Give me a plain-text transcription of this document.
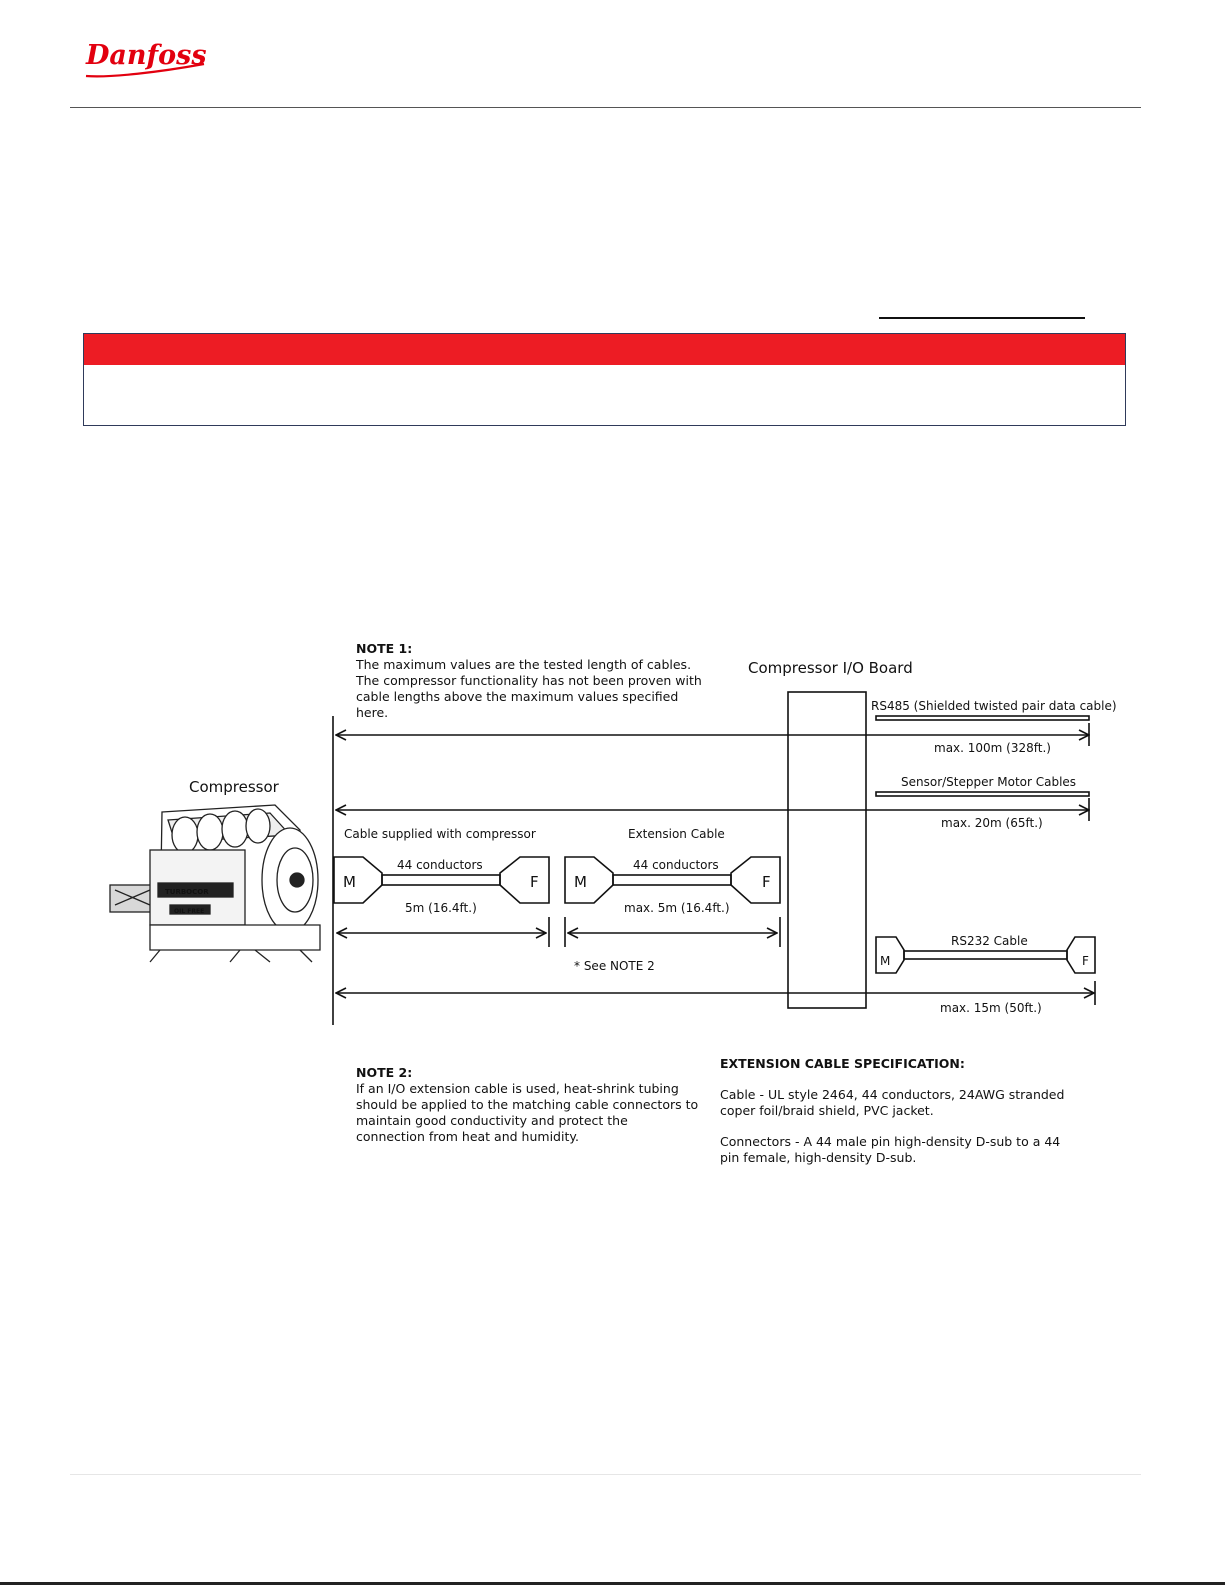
Danfoss
TURBOCOR
OIL FREE
Compressor
Compressor I/O Board
RS485 (Shielded twisted pair data cable)
max. 100m (328ft.)
Sensor/Stepper Motor Cables
max. 20m (65ft.)
Cable supplied with compressor	Extension Cable
44 conductors	44 conductors
M	F M	F
5m (16.4ft.)	max. 5m (16.4ft.)
* See NOTE 2
RS232 Cable
M	F
max. 15m (50ft.)

NOTE 1:

The maximum values are the tested length of cables.

The compressor functionality has not been proven with

cable lengths above the maximum values specified

here.

NOTE 2:

If an I/O extension cable is used, heat-shrink tubing

should be applied to the matching cable connectors to

maintain good conductivity and protect the

connection from heat and humidity.

EXTENSION CABLE SPECIFICATION:

Cable - UL style 2464, 44 conductors, 24AWG stranded

coper foil/braid shield, PVC jacket.

Connectors - A 44 male pin high-density D-sub to a 44

pin female, high-density D-sub.
